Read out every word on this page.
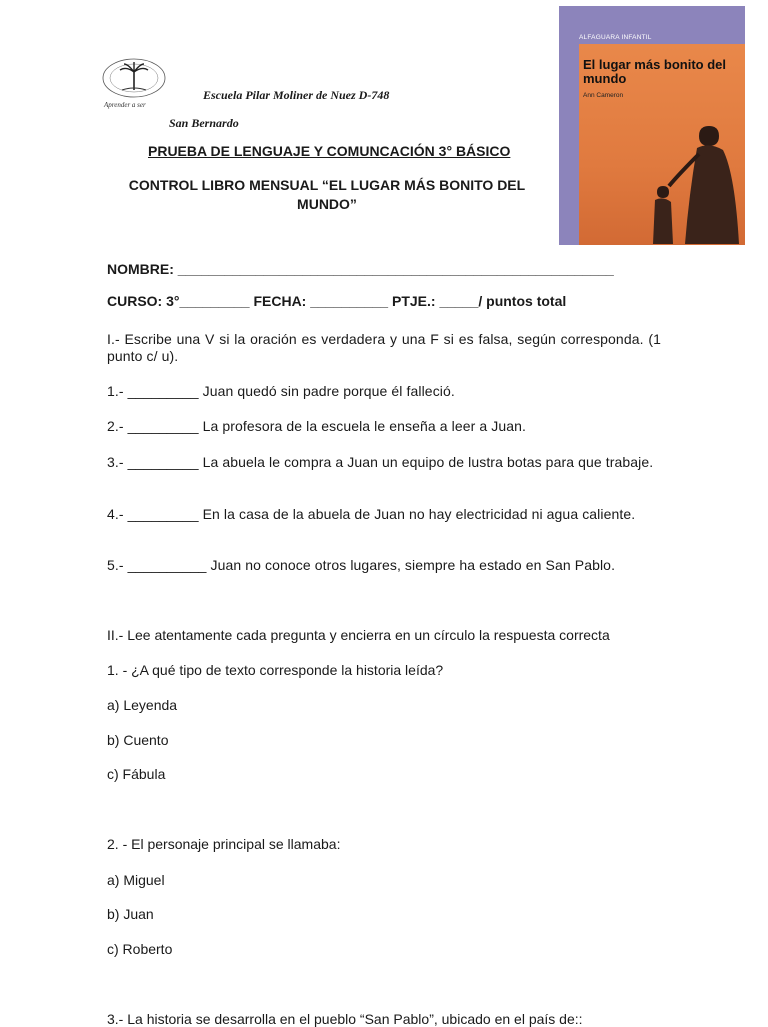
Aprender a ser
Escuela Pilar Moliner de Nuez D-748
San Bernardo
PRUEBA DE LENGUAJE Y COMUNCACIÓN 3° BÁSICO
CONTROL LIBRO MENSUAL “EL LUGAR MÁS BONITO DEL MUNDO”
ALFAGUARA INFANTIL
El lugar más bonito del mundo
Ann Cameron
NOMBRE: ________________________________________________________
CURSO: 3°_________ FECHA: __________ PTJE.: _____/ puntos total
I.- Escribe una V si la oración es verdadera y una F si es falsa, según corresponda. (1 punto c/ u).
1.- _________ Juan quedó sin padre porque él falleció.
2.- _________ La profesora de la escuela le enseña a leer a Juan.
3.- _________ La abuela le compra a Juan un equipo de lustra botas para que trabaje.
4.- _________ En la casa de la abuela de Juan no hay electricidad ni agua caliente.
5.- __________ Juan no conoce otros lugares, siempre ha estado en San Pablo.
II.- Lee atentamente cada pregunta y encierra en un círculo la respuesta correcta
1. - ¿A qué tipo de texto corresponde la historia leída?
a) Leyenda
b) Cuento
c) Fábula
2. - El personaje principal se llamaba:
a) Miguel
b) Juan
c) Roberto
3.- La historia se desarrolla en el pueblo “San Pablo”, ubicado en el país de::
